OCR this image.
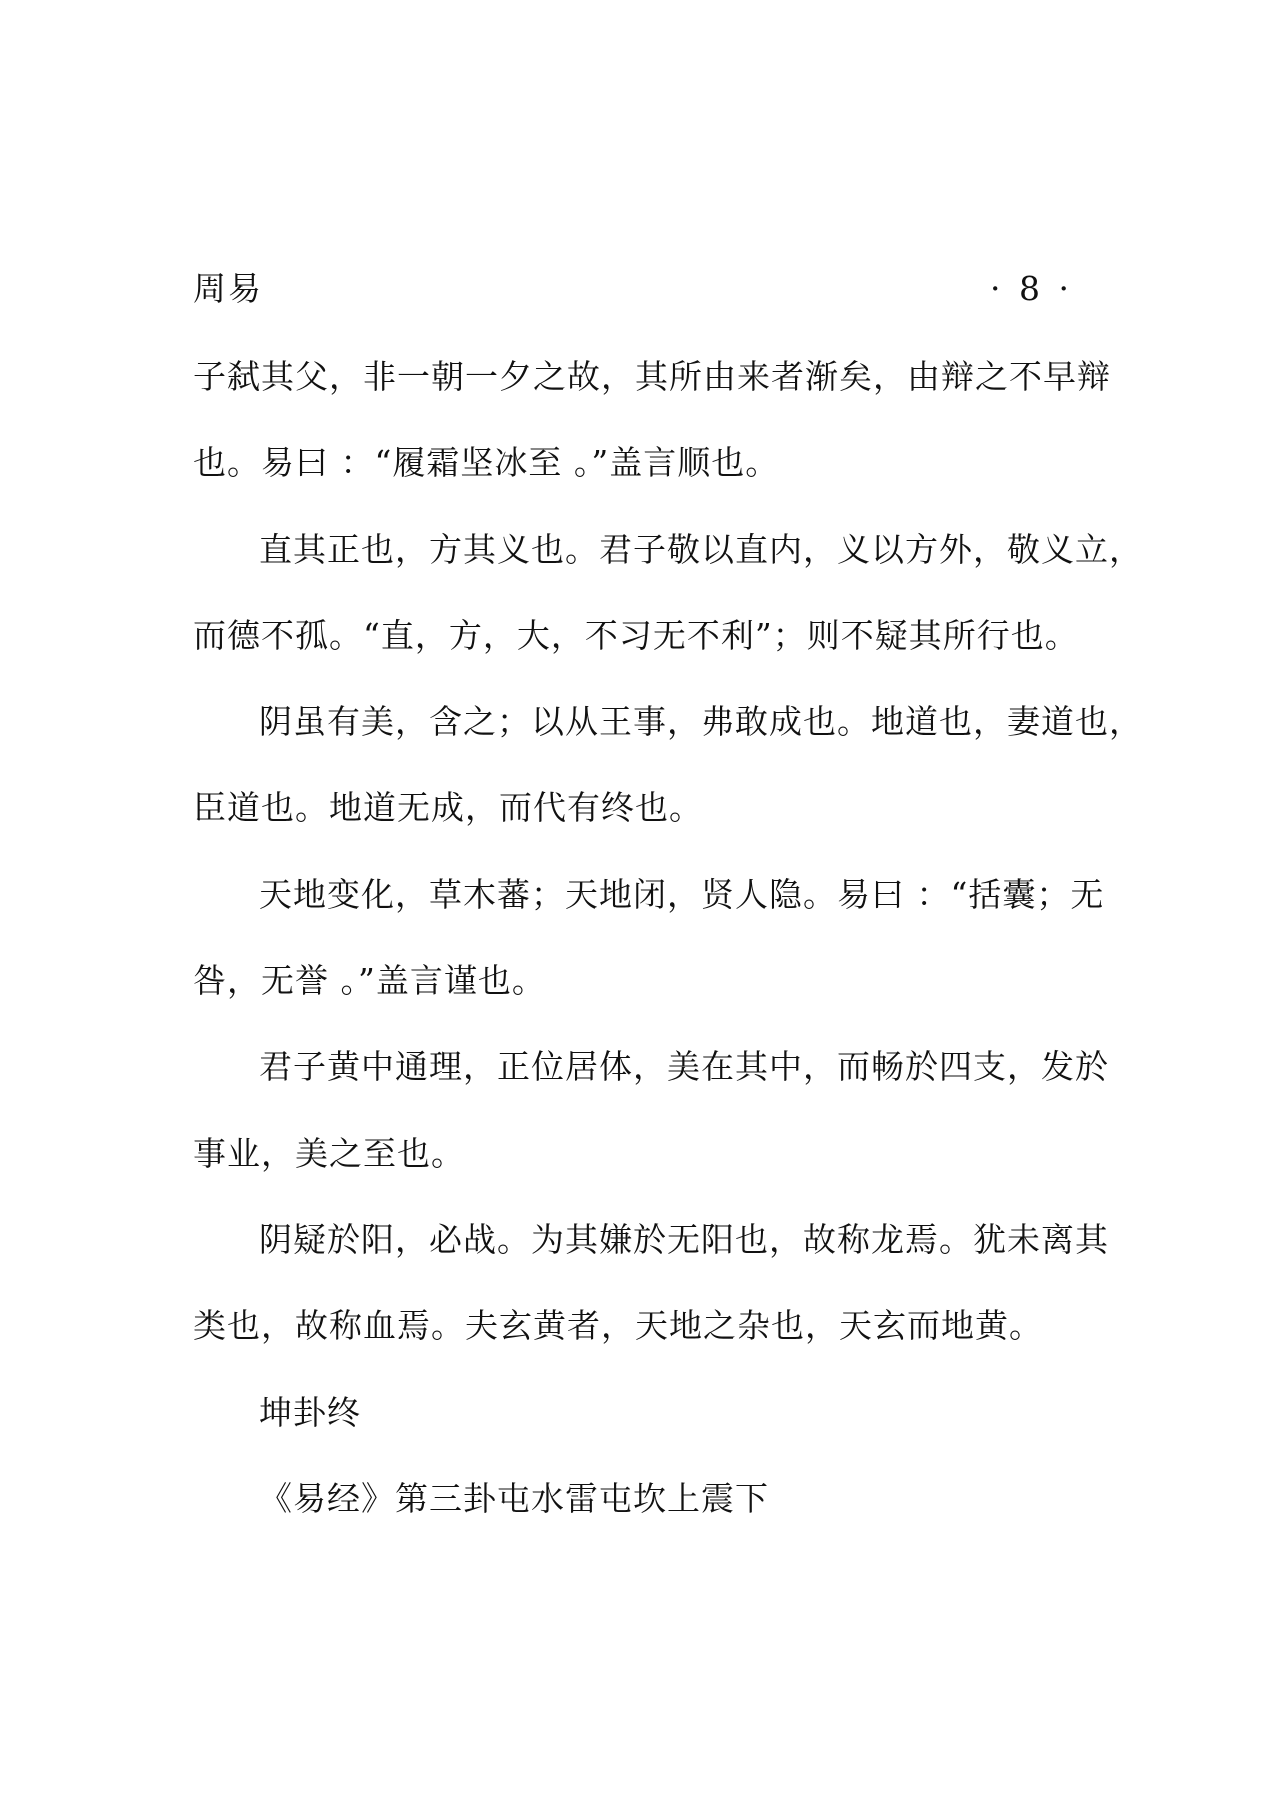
周易	· 8 ·
子弑其父，非一朝一夕之故，其所由来者渐矣，由辩之不早辩
也。易曰 ：“履霜坚冰至 。”盖言顺也。
直其正也，方其义也。君子敬以直内，义以方外，敬义立，
而德不孤。“直，方，大，不习无不利”；则不疑其所行也。
阴虽有美，含之；以从王事，弗敢成也。地道也，妻道也，
臣道也。地道无成，而代有终也。
天地变化，草木蕃；天地闭，贤人隐。易曰 ：“括囊；无
咎，无誉 。”盖言谨也。
君子黄中通理，正位居体，美在其中，而畅於四支，发於
事业，美之至也。
阴疑於阳，必战。为其嫌於无阳也，故称龙焉。犹未离其
类也，故称血焉。夫玄黄者，天地之杂也，天玄而地黄。
坤卦终
《易经》第三卦屯水雷屯坎上震下
